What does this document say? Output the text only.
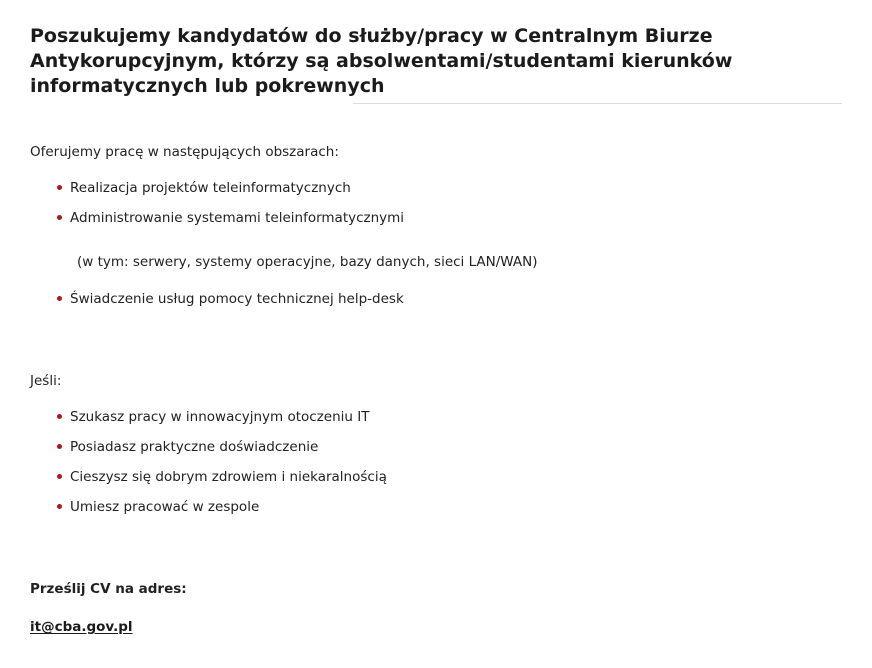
Poszukujemy kandydatów do służby/pracy w Centralnym Biurze Antykorupcyjnym, którzy są absolwentami/studentami kierunków informatycznych lub pokrewnych

Oferujemy pracę w następujących obszarach:

Realizacja projektów teleinformatycznych
Administrowanie systemami teleinformatycznymi
(w tym: serwery, systemy operacyjne, bazy danych, sieci LAN/WAN)
Świadczenie usług pomocy technicznej help-desk

Jeśli:

Szukasz pracy w innowacyjnym otoczeniu IT
Posiadasz praktyczne doświadczenie
Cieszysz się dobrym zdrowiem i niekaralnością
Umiesz pracować w zespole

Prześlij CV na adres:

it@cba.gov.pl
